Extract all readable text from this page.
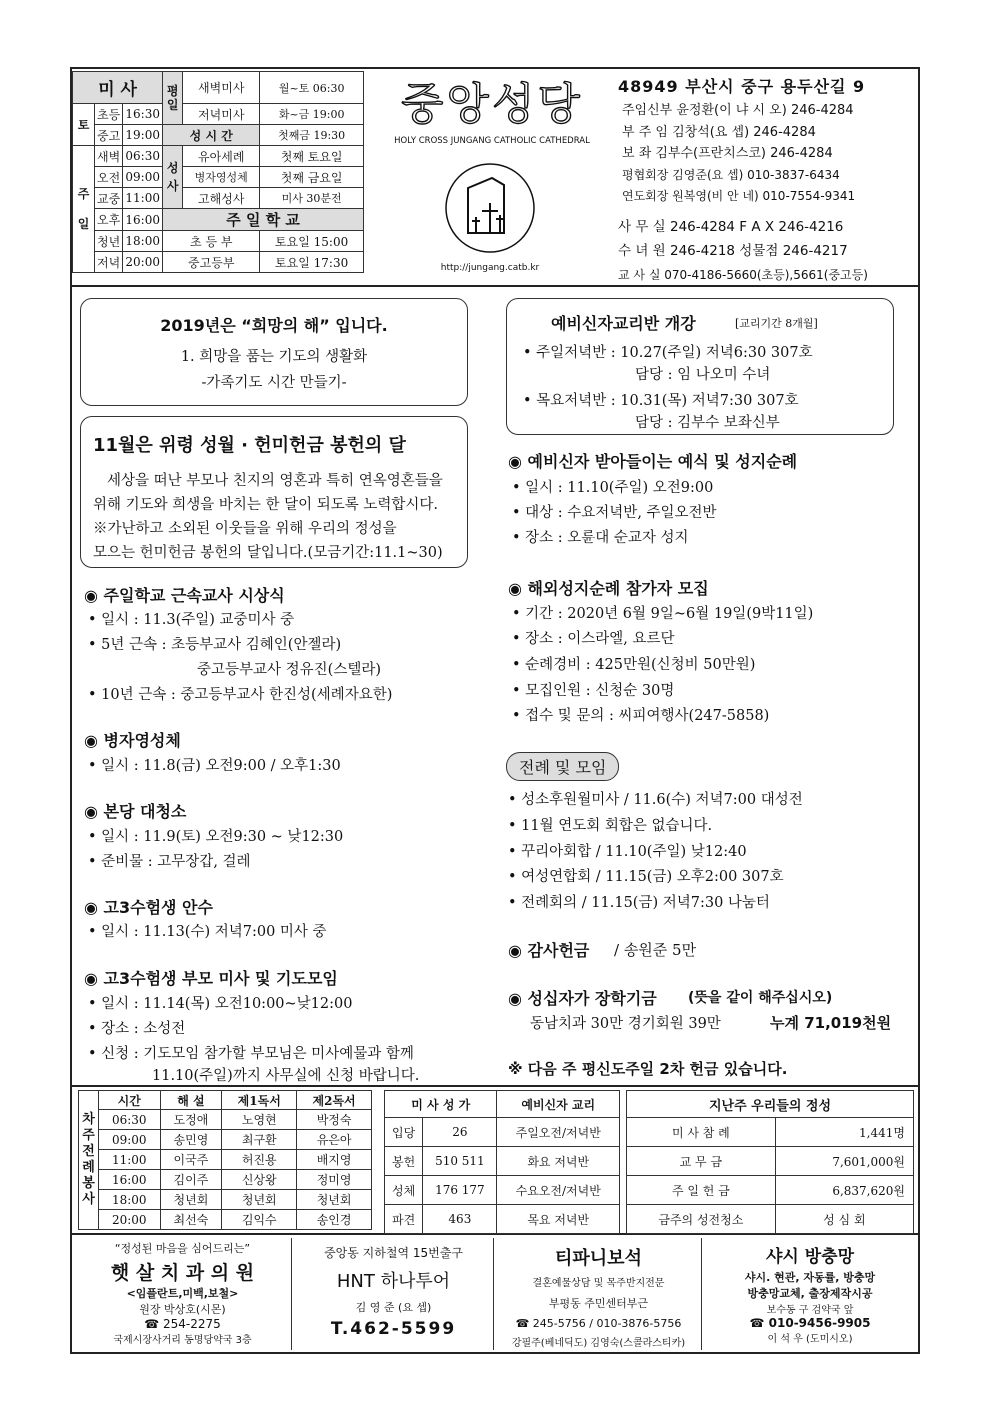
미 사			평일	새벽미사	월~토 06:30
토	초등	16:30		저녁미사	화~금 19:00
	중고	19:00	성 시 간		첫째금 19:30
주일	새벽	06:30	성사	유아세례	첫째 토요일
	오전	09:00		병자영성체	첫째 금요일
	교중	11:00		고해성사	미사 30분전
	오후	16:00	주 일 학 교		
	청년	18:00	초 등 부		토요일 15:00
	저녁	20:00	중고등부		토요일 17:30
중앙성당
HOLY CROSS JUNGANG CATHOLIC CATHEDRAL
http://jungang.catb.kr
48949 부산시 중구 용두산길 9
주임신부 윤정환(이 냐 시 오) 246-4284
부 주 임 김창석(요 셉) 246-4284
보 좌 김부수(프란치스코) 246-4284
평협회장 김영준(요 셉) 010-3837-6434
연도회장 원복영(비 안 네) 010-7554-9341
사 무 실 246-4284 F A X 246-4216
수 녀 원 246-4218 성물점 246-4217
교 사 실 070-4186-5660(초등),5661(중고등)
2019년은 “희망의 해” 입니다.
1. 희망을 품는 기도의 생활화
-가족기도 시간 만들기-
11월은 위령 성월 · 헌미헌금 봉헌의 달
세상을 떠난 부모나 친지의 영혼과 특히 연옥영혼들을
위해 기도와 희생을 바치는 한 달이 되도록 노력합시다.
※가난하고 소외된 이웃들을 위해 우리의 정성을
모으는 헌미헌금 봉헌의 달입니다.(모금기간:11.1~30)
◉ 주일학교 근속교사 시상식
• 일시 : 11.3(주일) 교중미사 중
• 5년 근속 : 초등부교사 김혜인(안젤라)
중고등부교사 정유진(스텔라)
• 10년 근속 : 중고등부교사 한진성(세례자요한)
◉ 병자영성체
• 일시 : 11.8(금) 오전9:00 / 오후1:30
◉ 본당 대청소
• 일시 : 11.9(토) 오전9:30 ~ 낮12:30
• 준비물 : 고무장갑, 걸레
◉ 고3수험생 안수
• 일시 : 11.13(수) 저녁7:00 미사 중
◉ 고3수험생 부모 미사 및 기도모임
• 일시 : 11.14(목) 오전10:00~낮12:00
• 장소 : 소성전
• 신청 : 기도모임 참가할 부모님은 미사예물과 함께
11.10(주일)까지 사무실에 신청 바랍니다.
예비신자교리반 개강	[교리기간 8개월]
• 주일저녁반 : 10.27(주일) 저녁6:30 307호
담당 : 임 나오미 수녀
• 목요저녁반 : 10.31(목) 저녁7:30 307호
담당 : 김부수 보좌신부
◉ 예비신자 받아들이는 예식 및 성지순례
• 일시 : 11.10(주일) 오전9:00
• 대상 : 수요저녁반, 주일오전반
• 장소 : 오륜대 순교자 성지
◉ 해외성지순례 참가자 모집
• 기간 : 2020년 6월 9일~6월 19일(9박11일)
• 장소 : 이스라엘, 요르단
• 순례경비 : 425만원(신청비 50만원)
• 모집인원 : 신청순 30명
• 접수 및 문의 : 씨피여행사(247-5858)
전례 및 모임
• 성소후원월미사 / 11.6(수) 저녁7:00 대성전
• 11월 연도회 회합은 없습니다.
• 꾸리아회합 / 11.10(주일) 낮12:40
• 여성연합회 / 11.15(금) 오후2:00 307호
• 전례회의 / 11.15(금) 저녁7:30 나눔터
◉ 감사헌금 / 송원준 5만
◉ 성십자가 장학기금 (뜻을 같이 해주십시오)
동남치과 30만 경기회원 39만	누계 71,019천원
※ 다음 주 평신도주일 2차 헌금 있습니다.
차주전례봉사	시간	해 설	제1독서	제2독서
	06:30	도정애	노영현	박정숙
	09:00	송민영	최구환	유은아
	11:00	이국주	허진용	배지영
	16:00	김이주	신상왕	정미영
	18:00	청년회	청년회	청년회
	20:00	최선숙	김익수	송인경
미 사 성 가		예비신자 교리
입당	26	주일오전/저녁반
봉헌	510 511	화요 저녁반
성체	176 177	수요오전/저녁반
파견	463	목요 저녁반
지난주 우리들의 정성	
미 사 참 례	1,441명
교 무 금	7,601,000원
주 일 헌 금	6,837,620원
금주의 성전청소	성 심 회
“정성된 마음을 심어드리는”
햇 살 치 과 의 원
<임플란트,미백,보철>
원장 박상호(시몬)
☎ 254-2275
국제시장사거리 동명당약국 3층
중앙동 지하철역 15번출구
HNT 하나투어
김 영 준 (요 셉)
T.462-5599
티파니보석
결혼예물상담 및 목주반지전문
부평동 주민센터부근
☎ 245-5756 / 010-3876-5756
강필주(베네딕도) 김영숙(스콜라스티카)
샤시 방충망
샤시. 현관, 자동률, 방충망
방충망교체, 출장제작시공
보수동 구 검약국 앞
☎ 010-9456-9905
이 석 우 (도미시오)
